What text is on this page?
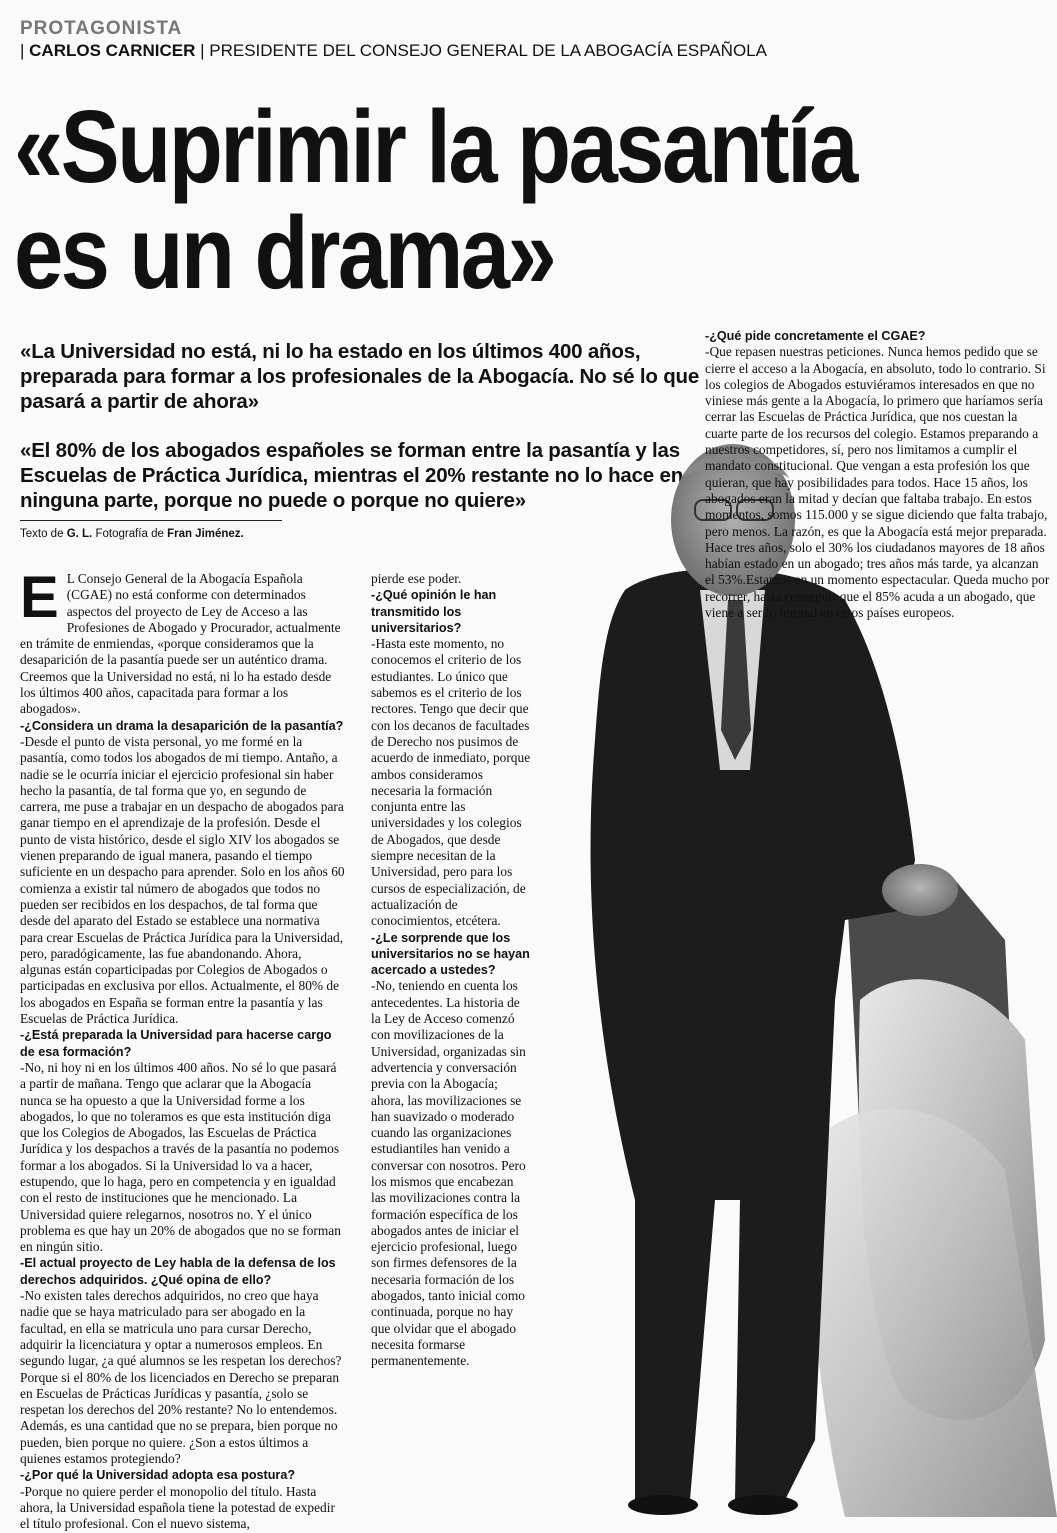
PROTAGONISTA
| CARLOS CARNICER | PRESIDENTE DEL CONSEJO GENERAL DE LA ABOGACÍA ESPAÑOLA
«Suprimir la pasantía
es un drama»
«La Universidad no está, ni lo ha estado en los últimos 400 años, preparada para formar a los profesionales de la Abogacía. No sé lo que pasará a partir de ahora»
«El 80% de los abogados españoles se forman entre la pasantía y las Escuelas de Práctica Jurídica, mientras el 20% restante no lo hace en ninguna parte, porque no puede o porque no quiere»
Texto de G. L. Fotografía de Fran Jiménez.

E L Consejo General de la Abogacía Española (CGAE) no está conforme con determinados aspectos del proyecto de Ley de Acceso a las Profesiones de Abogado y Procurador, actualmente en trámite de enmiendas, «porque consideramos que la desaparición de la pasantía puede ser un auténtico drama. Creemos que la Universidad no está, ni lo ha estado desde los últimos 400 años, capacitada para formar a los abogados».

-¿Considera un drama la desaparición de la pasantía?

-Desde el punto de vista personal, yo me formé en la pasantía, como todos los abogados de mi tiempo. Antaño, a nadie se le ocurría iniciar el ejercicio profesional sin haber hecho la pasantía, de tal forma que yo, en segundo de carrera, me puse a trabajar en un despacho de abogados para ganar tiempo en el aprendizaje de la profesión. Desde el punto de vista histórico, desde el siglo XIV los abogados se vienen preparando de igual manera, pasando el tiempo suficiente en un despacho para aprender. Solo en los años 60 comienza a existir tal número de abogados que todos no pueden ser recibidos en los despachos, de tal forma que desde del aparato del Estado se establece una normativa para crear Escuelas de Práctica Jurídica para la Universidad, pero, paradógicamente, las fue abandonando. Ahora, algunas están coparticipadas por Colegios de Abogados o participadas en exclusiva por ellos. Actualmente, el 80% de los abogados en España se forman entre la pasantía y las Escuelas de Práctica Jurídica.

-¿Está preparada la Universidad para hacerse cargo de esa formación?

-No, ni hoy ni en los últimos 400 años. No sé lo que pasará a partir de mañana. Tengo que aclarar que la Abogacía nunca se ha opuesto a que la Universidad forme a los abogados, lo que no toleramos es que esta institución diga que los Colegios de Abogados, las Escuelas de Práctica Jurídica y los despachos a través de la pasantía no podemos formar a los abogados. Si la Universidad lo va a hacer, estupendo, que lo haga, pero en competencia y en igualdad con el resto de instituciones que he mencionado. La Universidad quiere relegarnos, nosotros no. Y el único problema es que hay un 20% de abogados que no se forman en ningún sitio.

-El actual proyecto de Ley habla de la defensa de los derechos adquiridos. ¿Qué opina de ello?

-No existen tales derechos adquiridos, no creo que haya nadie que se haya matriculado para ser abogado en la facultad, en ella se matricula uno para cursar Derecho, adquirir la licenciatura y optar a numerosos empleos. En segundo lugar, ¿a qué alumnos se les respetan los derechos? Porque si el 80% de los licenciados en Derecho se preparan en Escuelas de Prácticas Jurídicas y pasantía, ¿solo se respetan los derechos del 20% restante? No lo entendemos. Además, es una cantidad que no se prepara, bien porque no pueden, bien porque no quiere. ¿Son a estos últimos a quienes estamos protegiendo?

-¿Por qué la Universidad adopta esa postura?

-Porque no quiere perder el monopolio del título. Hasta ahora, la Universidad española tiene la potestad de expedir el título profesional. Con el nuevo sistema,

pierde ese poder.

-¿Qué opinión le han transmitido los universitarios?

-Hasta este momento, no conocemos el criterio de los estudiantes. Lo único que sabemos es el criterio de los rectores. Tengo que decir que con los decanos de facultades de Derecho nos pusimos de acuerdo de inmediato, porque ambos consideramos necesaria la formación conjunta entre las universidades y los colegios de Abogados, que desde siempre necesitan de la Universidad, pero para los cursos de especialización, de actualización de conocimientos, etcétera.

-¿Le sorprende que los universitarios no se hayan acercado a ustedes?

-No, teniendo en cuenta los antecedentes. La historia de la Ley de Acceso comenzó con movilizaciones de la Universidad, organizadas sin advertencia y conversación previa con la Abogacía; ahora, las movilizaciones se han suavizado o moderado cuando las organizaciones estudiantiles han venido a conversar con nosotros. Pero los mismos que encabezan las movilizaciones contra la formación específica de los abogados antes de iniciar el ejercicio profesional, luego son firmes defensores de la necesaria formación de los abogados, tanto inicial como continuada, porque no hay que olvidar que el abogado necesita formarse permanentemente.

-¿Qué pide concretamente el CGAE?

-Que repasen nuestras peticiones. Nunca hemos pedido que se cierre el acceso a la Abogacía, en absoluto, todo lo contrario. Si los colegios de Abogados estuviéramos interesados en que no viniese más gente a la Abogacía, lo primero que haríamos sería cerrar las Escuelas de Práctica Jurídica, que nos cuestan la cuarte parte de los recursos del colegio. Estamos preparando a nuestros competidores, sí, pero nos limitamos a cumplir el mandato constitucional. Que vengan a esta profesión los que quieran, que hay posibilidades para todos. Hace 15 años, los abogados eran la mitad y decían que faltaba trabajo. En estos momentos, somos 115.000 y se sigue diciendo que falta trabajo, pero menos. La razón, es que la Abogacía está mejor preparada. Hace tres años, solo el 30% los ciudadanos mayores de 18 años habían estado en un abogado; tres años más tarde, ya alcanzan el 53%.Estamos en un momento espectacular. Queda mucho por recorrer, hasta conseguir que el 85% acuda a un abogado, que viene a ser lo normal en otros países europeos.
